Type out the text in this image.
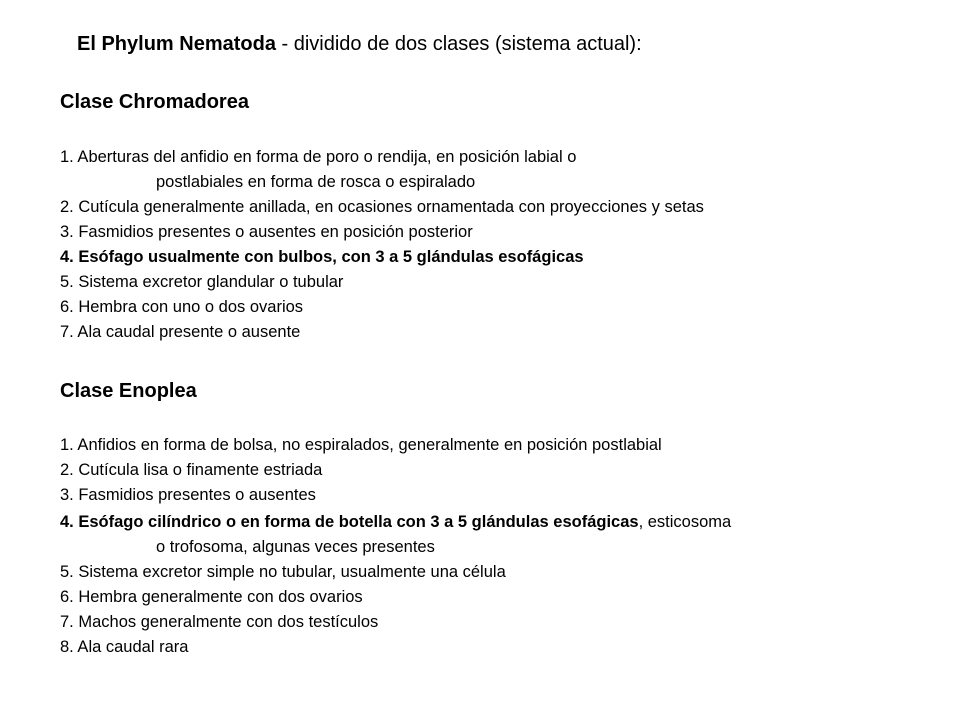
El Phylum Nematoda - dividido de dos clases (sistema actual):
Clase Chromadorea
1. Aberturas del anfidio en forma de poro o rendija, en posición labial o
postlabiales en forma de rosca o espiralado
2. Cutícula generalmente anillada, en ocasiones ornamentada con proyecciones y setas
3. Fasmidios presentes o ausentes en posición posterior
4. Esófago usualmente con bulbos, con 3 a 5 glándulas esofágicas
5. Sistema excretor glandular o tubular
6. Hembra con uno o dos ovarios
7. Ala caudal presente o ausente
Clase Enoplea
1. Anfidios en forma de bolsa, no espiralados, generalmente en posición postlabial
2. Cutícula lisa o finamente estriada
3. Fasmidios presentes o ausentes
4. Esófago cilíndrico o en forma de botella con 3 a 5 glándulas esofágicas, esticosoma
o trofosoma, algunas veces presentes
5. Sistema excretor simple no tubular, usualmente una célula
6. Hembra generalmente con dos ovarios
7. Machos generalmente con dos testículos
8. Ala caudal rara
